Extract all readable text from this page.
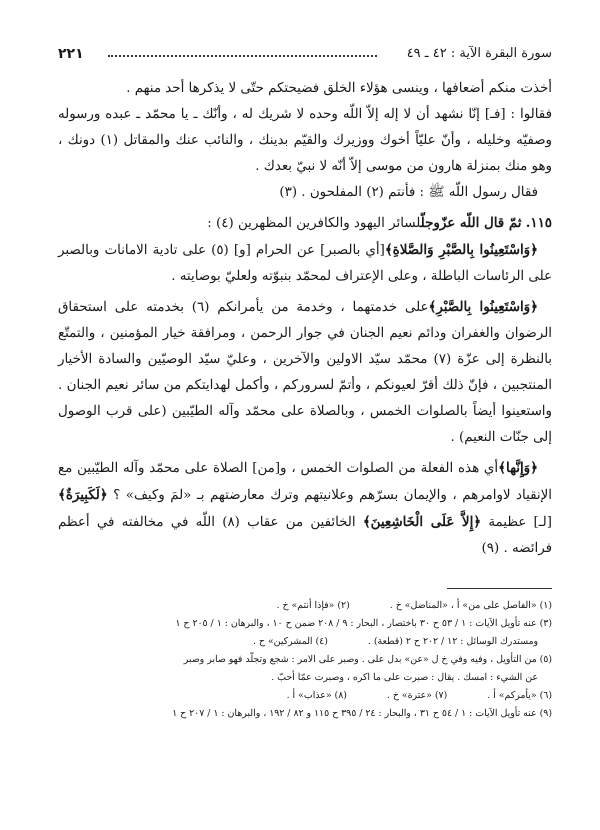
٢٢١	سورة البقرة الآية : ٤٢ ـ ٤٩

أخذت منكم أضعافها ، وينسى هؤلاء الخلق فضيحتكم حتّى لا يذكرها أحد منهم .

فقالوا : [فـ] إنّا نشهد أن لا إله إلاّ اللّه وحده لا شريك له ، وأنّك ـ يا محمّد ـ عبده ورسوله وصفيّه وخليله ، وأنّ عليّاً أخوك ووزيرك والقيّم بدينك ، والنائب عنك والمقاتل (١) دونك ، وهو منك بمنزلة هارون من موسى إلاّ أنّه لا نبيّ بعدك .

فقال رسول اللّه ﷺ : فأنتم (٢) المفلحون . (٣)

١١٥. ثمّ قال اللّه عزّوجلّلسائر اليهود والكافرين المظهرين (٤) :

﴿وَاسْتَعِينُوا بِالصَّبْرِ وَالصَّلاةِ﴾[أي بالصبر] عن الحرام [و] (٥) على تادية الامانات وبالصبر على الرئاسات الباطلة ، وعلى الإعتراف لمحمّد بنبوّته ولعليّ بوصايته .

﴿وَاسْتَعِينُوا بِالصَّبْرِ﴾على خدمتهما ، وخدمة من يأمرانكم (٦) بخدمته على استحقاق الرضوان والغفران ودائم نعيم الجنان في جوار الرحمن ، ومرافقة خيار المؤمنين ، والتمتّع بالنظرة إلى عزّة (٧) محمّد سيّد الاولين والآخرين ، وعليّ سيّد الوصيّين والسادة الأخيار المنتجبين ، فإنّ ذلك أقرّ لعيونكم ، وأتمّ لسروركم ، وأكمل لهدايتكم من سائر نعيم الجنان . واستعينوا أيضاً بالصلوات الخمس ، وبالصلاة على محمّد وآله الطيّبين (على قرب الوصول إلى جنّات النعيم) .

﴿وَإِنَّها﴾أي هذه الفعلة من الصلوات الخمس ، و[من] الصلاة على محمّد وآله الطيّبين مع الإنقياد لاوامرهم ، والإيمان بسرّهم وعلانيتهم وترك معارضتهم بـ «لمَ وكيف» ؟ ﴿لَكَبِيرَةٌ﴾ [لـ] عظيمة ﴿إِلاَّ عَلَى الْخَاشِعِينَ﴾ الخائفين من عقاب (٨) اللّه في مخالفته في أعظم فرائضه . (٩)

(١) «الفاصل على من» أ ، «المناضل» خ .
(٢) «فإذا أنتم» خ .
(٣) عنه تأويل الآيات : ١ / ٥٣ ح ٣٠ باختصار ، البحار : ٩ / ٢٠٨ ضمن ح ١٠ ، والبرهان : ١ / ٢٠٥ ح ١
ومستدرك الوسائل : ١٢ / ٢٠٢ ح ٢ (قطعة) .
(٤) المشركين» ح .
(٥) من التأويل ، وفيه وفي خ ل «عن» بدل على . وصبر على الامر : شجع وتجلّد فهو صابر وصبر
عن الشيء : امسك . يقال : صبرت على ما اكره ، وصبرت عمّا أحبّ .
(٦) «يأمركم» أ .
(٧) «عترة» خ .
(٨) «عذاب» أ .
(٩) عنه تأويل الآيات : ١ / ٥٤ ح ٣١ ، والبحار : ٢٤ / ٣٩٥ ح ١١٥ و ٨٢ / ١٩٢ ، والبرهان : ١ / ٢٠٧ ح ١
